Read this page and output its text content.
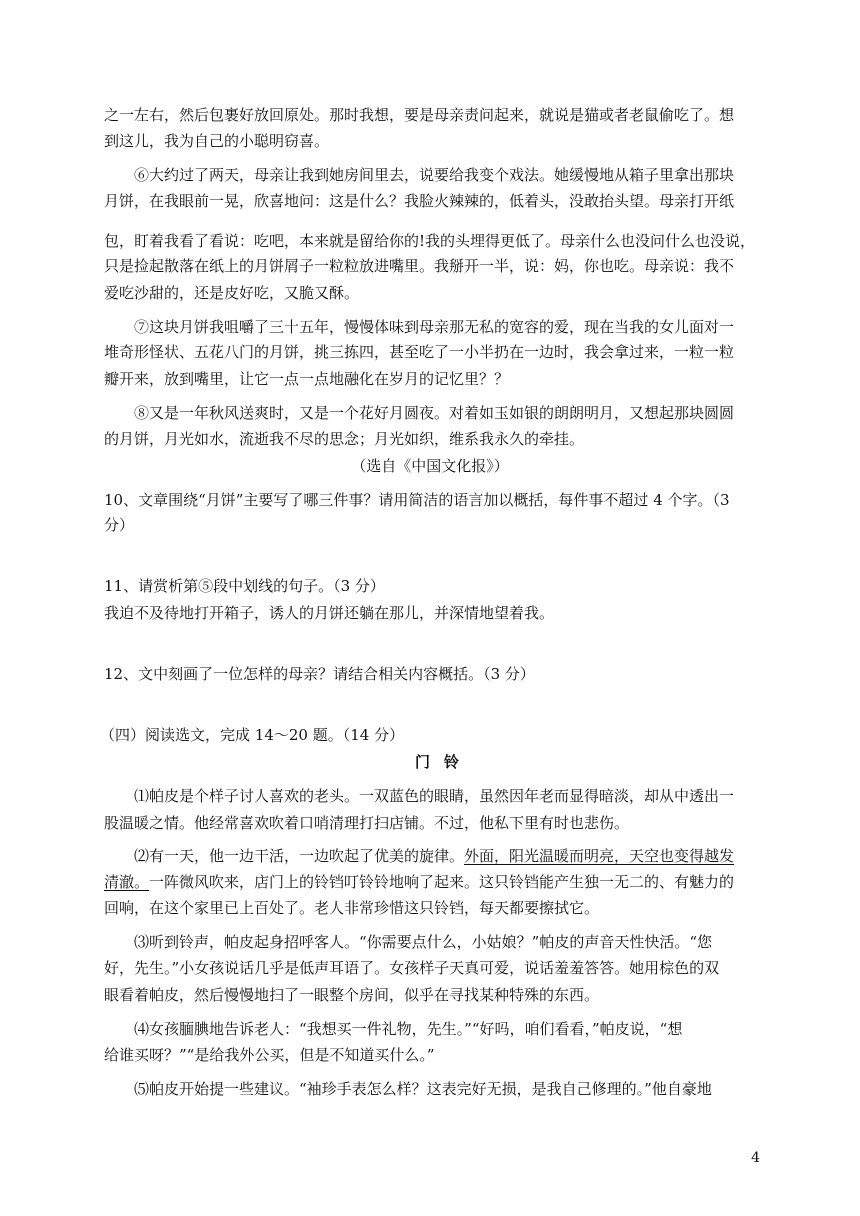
之一左右，然后包裹好放回原处。那时我想，要是母亲责问起来，就说是猫或者老鼠偷吃了。想
到这儿，我为自己的小聪明窃喜。
⑥大约过了两天，母亲让我到她房间里去，说要给我变个戏法。她缓慢地从箱子里拿出那块
月饼，在我眼前一晃，欣喜地问：这是什么？我脸火辣辣的，低着头，没敢抬头望。母亲打开纸
包，盯着我看了看说：吃吧，本来就是留给你的!我的头埋得更低了。母亲什么也没问什么也没说，
只是捡起散落在纸上的月饼屑子一粒粒放进嘴里。我掰开一半，说：妈，你也吃。母亲说：我不
爱吃沙甜的，还是皮好吃，又脆又酥。
⑦这块月饼我咀嚼了三十五年，慢慢体味到母亲那无私的宽容的爱，现在当我的女儿面对一
堆奇形怪状、五花八门的月饼，挑三拣四，甚至吃了一小半扔在一边时，我会拿过来，一粒一粒
瓣开来，放到嘴里，让它一点一点地融化在岁月的记忆里？？
⑧又是一年秋风送爽时，又是一个花好月圆夜。对着如玉如银的朗朗明月，又想起那块圆圆
的月饼，月光如水，流逝我不尽的思念；月光如织，维系我永久的牵挂。
（选自《中国文化报》）
10、文章围绕“月饼”主要写了哪三件事？请用简洁的语言加以概括，每件事不超过 4 个字。（3
分）
11、请赏析第⑤段中划线的句子。（3 分）
我迫不及待地打开箱子，诱人的月饼还躺在那儿，并深情地望着我。
12、文中刻画了一位怎样的母亲？请结合相关内容概括。（3 分）
（四）阅读选文，完成 14～20 题。（14 分）
门铃
⑴帕皮是个样子讨人喜欢的老头。一双蓝色的眼睛，虽然因年老而显得暗淡，却从中透出一
股温暖之情。他经常喜欢吹着口哨清理打扫店铺。不过，他私下里有时也悲伤。
⑵有一天，他一边干活，一边吹起了优美的旋律。外面，阳光温暖而明亮，天空也变得越发
清澈。一阵微风吹来，店门上的铃铛叮铃铃地响了起来。这只铃铛能产生独一无二的、有魅力的
回响，在这个家里已上百处了。老人非常珍惜这只铃铛，每天都要擦拭它。
⑶听到铃声，帕皮起身招呼客人。“你需要点什么，小姑娘？”帕皮的声音天性快活。“您
好，先生。”小女孩说话几乎是低声耳语了。女孩样子天真可爱，说话羞羞答答。她用棕色的双
眼看着帕皮，然后慢慢地扫了一眼整个房间，似乎在寻找某种特殊的东西。
⑷女孩腼腆地告诉老人：“我想买一件礼物，先生。”“好吗，咱们看看，”帕皮说，“想
给谁买呀？”“是给我外公买，但是不知道买什么。”
⑸帕皮开始提一些建议。“袖珍手表怎么样？这表完好无损，是我自己修理的。”他自豪地
4
